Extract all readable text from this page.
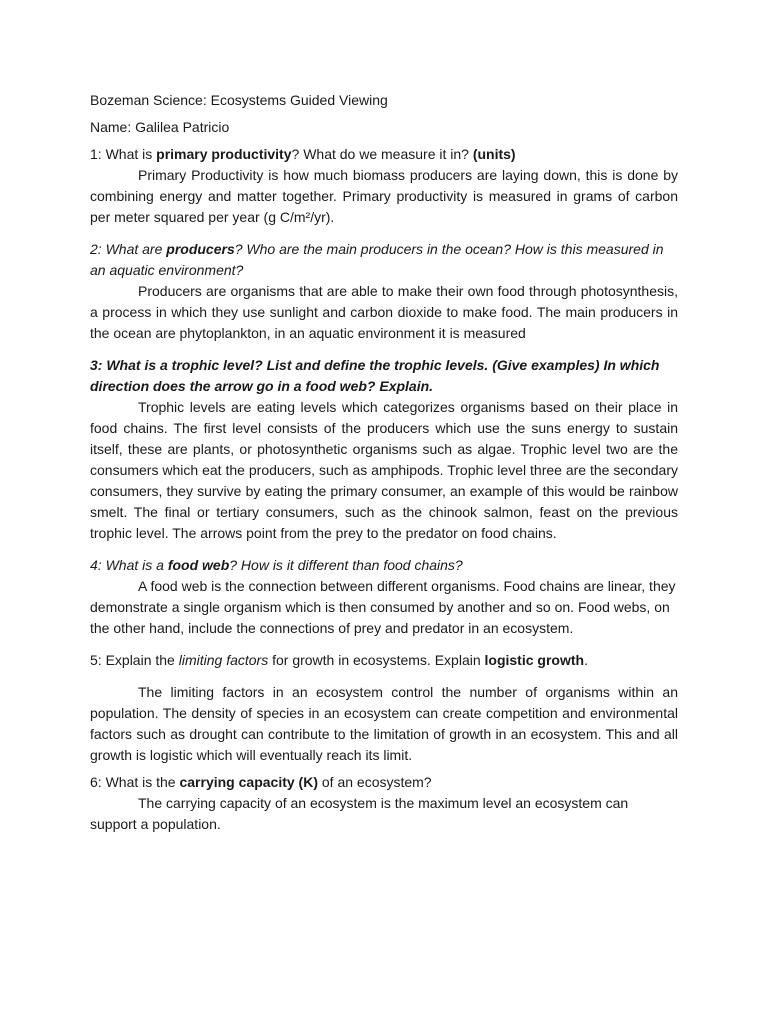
Bozeman Science: Ecosystems Guided Viewing

Name: Galilea Patricio

1: What is primary productivity? What do we measure it in? (units)

Primary Productivity is how much biomass producers are laying down, this is done by combining energy and matter together. Primary productivity is measured in grams of carbon per meter squared per year (g C/m²/yr).

2: What are producers? Who are the main producers in the ocean? How is this measured in an aquatic environment?

Producers are organisms that are able to make their own food through photosynthesis, a process in which they use sunlight and carbon dioxide to make food. The main producers in the ocean are phytoplankton, in an aquatic environment it is measured

3: What is a trophic level? List and define the trophic levels. (Give examples) In which direction does the arrow go in a food web? Explain.

Trophic levels are eating levels which categorizes organisms based on their place in food chains. The first level consists of the producers which use the suns energy to sustain itself, these are plants, or photosynthetic organisms such as algae. Trophic level two are the consumers which eat the producers, such as amphipods. Trophic level three are the secondary consumers, they survive by eating the primary consumer, an example of this would be rainbow smelt. The final or tertiary consumers, such as the chinook salmon, feast on the previous trophic level. The arrows point from the prey to the predator on food chains.

4: What is a food web? How is it different than food chains?

A food web is the connection between different organisms. Food chains are linear, they demonstrate a single organism which is then consumed by another and so on. Food webs, on the other hand, include the connections of prey and predator in an ecosystem.

5: Explain the limiting factors for growth in ecosystems. Explain logistic growth.

The limiting factors in an ecosystem control the number of organisms within an population. The density of species in an ecosystem can create competition and environmental factors such as drought can contribute to the limitation of growth in an ecosystem. This and all growth is logistic which will eventually reach its limit.

6: What is the carrying capacity (K) of an ecosystem?

The carrying capacity of an ecosystem is the maximum level an ecosystem can support a population.
